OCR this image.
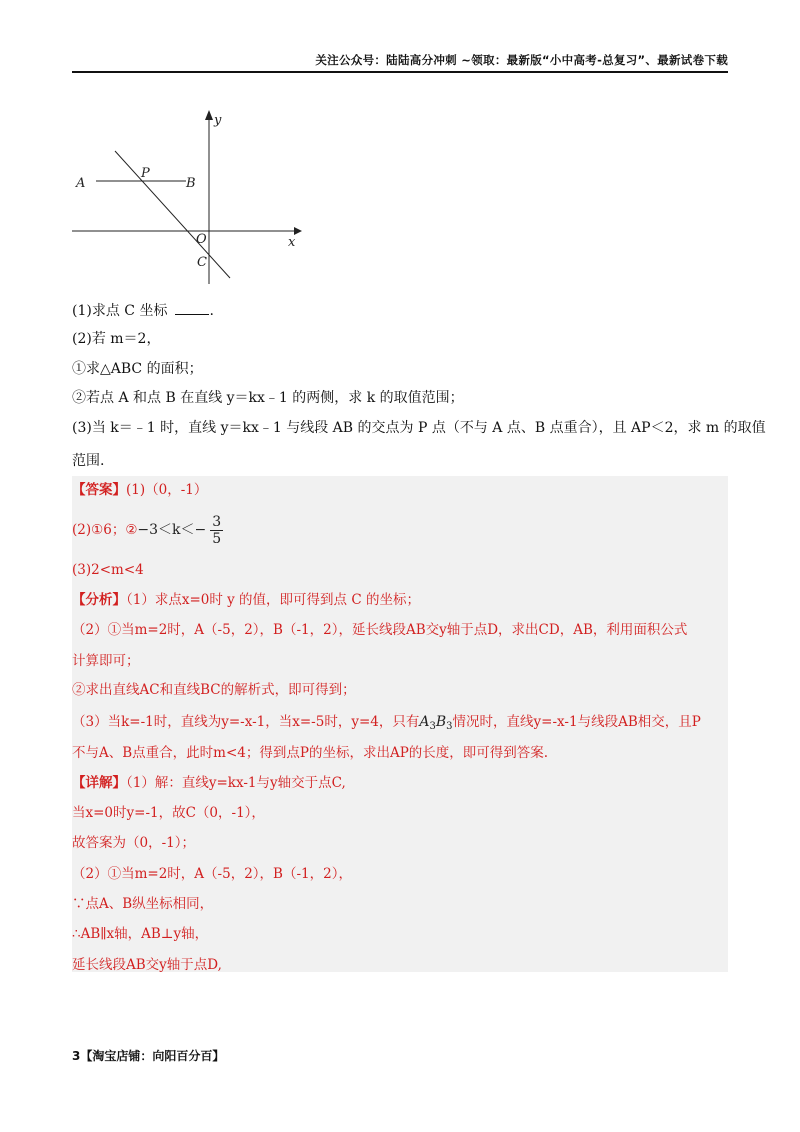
关注公众号：陆陆高分冲刺 ~领取：最新版“小中高考-总复习”、最新试卷下载
y
x
A	B
P
O
C
(1)求点 C 坐标	.
(2)若 m＝2，
①求△ABC 的面积；
②若点 A 和点 B 在直线 y＝kx﹣1 的两侧，求 k 的取值范围；
(3)当 k＝﹣1 时，直线 y＝kx﹣1 与线段 AB 的交点为 P 点（不与 A 点、B 点重合），且 AP＜2，求 m 的取值
范围.
【答案】(1)（0，-1）
(2)①6；②−3＜k＜− $\frac{3}{5}$
(3)2<m<4
【分析】（1）求点x=0时 y 的值，即可得到点 C 的坐标；
（2）①当m=2时，A（-5，2），B（-1，2），延长线段AB交y轴于点D，求出CD，AB，利用面积公式
计算即可；
②求出直线AC和直线BC的解析式，即可得到；
（3）当k=-1时，直线为y=-x-1，当x=-5时，y=4，只有$A_3B_3$情况时，直线y=-x-1与线段AB相交，且P
不与A、B点重合，此时m<4；得到点P的坐标，求出AP的长度，即可得到答案.
【详解】（1）解：直线y=kx-1与y轴交于点C,
当x=0时y=-1，故C（0，-1），
故答案为（0，-1）；
（2）①当m=2时，A（-5，2），B（-1，2），
∵点A、B纵坐标相同，
∴AB∥x轴，AB⊥y轴，
延长线段AB交y轴于点D,
3【淘宝店铺：向阳百分百】
